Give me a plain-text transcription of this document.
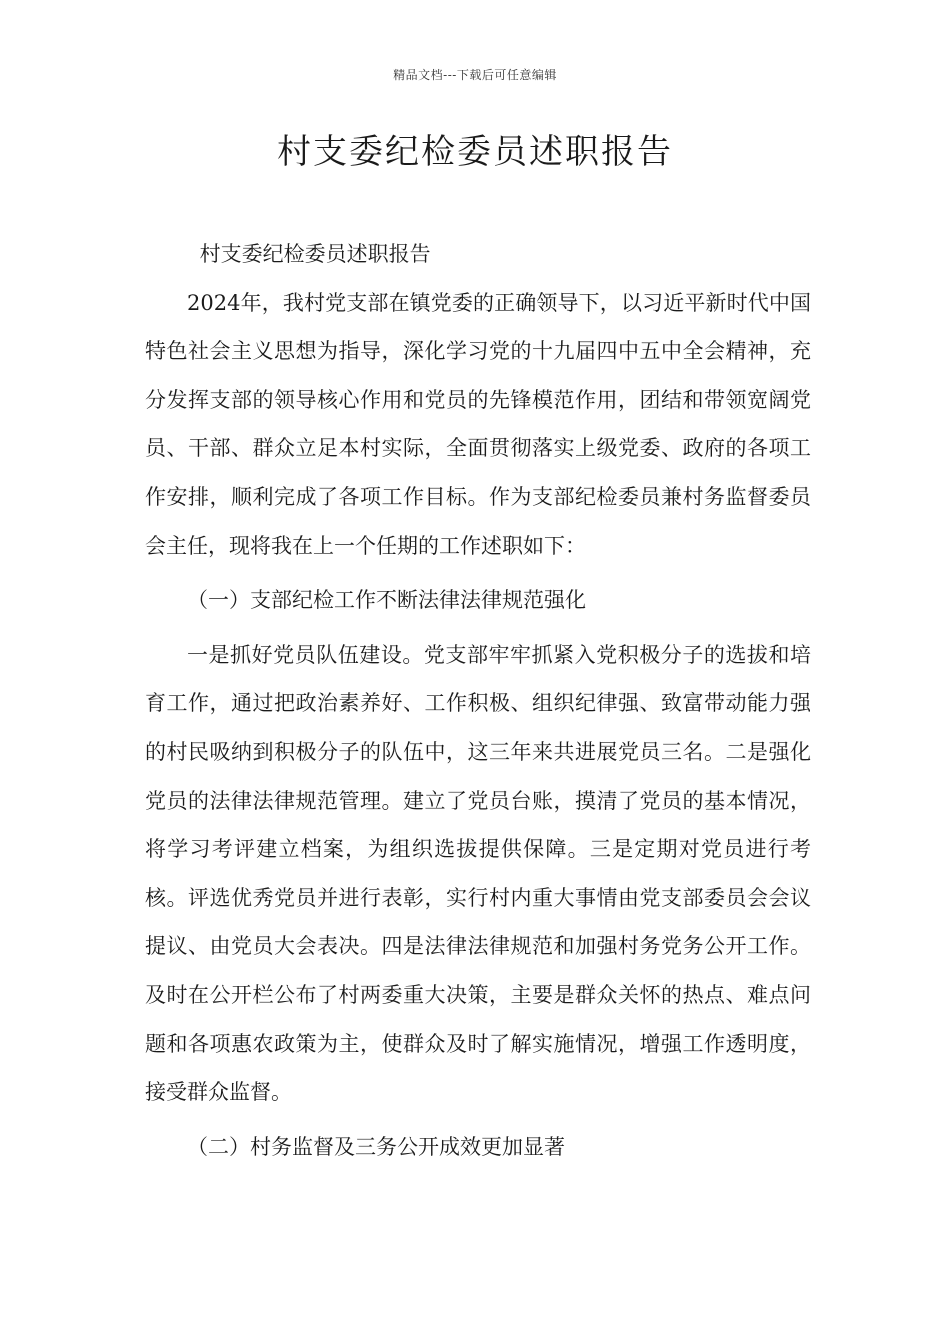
精品文档---下载后可任意编辑
村支委纪检委员述职报告

村支委纪检委员述职报告

2024年，我村党支部在镇党委的正确领导下，以习近平新时代中国特色社会主义思想为指导，深化学习党的十九届四中五中全会精神，充分发挥支部的领导核心作用和党员的先锋模范作用，团结和带领宽阔党员、干部、群众立足本村实际，全面贯彻落实上级党委、政府的各项工作安排，顺利完成了各项工作目标。作为支部纪检委员兼村务监督委员会主任，现将我在上一个任期的工作述职如下：

（一）支部纪检工作不断法律法律规范强化

一是抓好党员队伍建设。党支部牢牢抓紧入党积极分子的选拔和培育工作，通过把政治素养好、工作积极、组织纪律强、致富带动能力强的村民吸纳到积极分子的队伍中，这三年来共进展党员三名。二是强化党员的法律法律规范管理。建立了党员台账，摸清了党员的基本情况，将学习考评建立档案，为组织选拔提供保障。三是定期对党员进行考核。评选优秀党员并进行表彰，实行村内重大事情由党支部委员会会议提议、由党员大会表决。四是法律法律规范和加强村务党务公开工作。及时在公开栏公布了村两委重大决策，主要是群众关怀的热点、难点问题和各项惠农政策为主，使群众及时了解实施情况，增强工作透明度，接受群众监督。

（二）村务监督及三务公开成效更加显著
